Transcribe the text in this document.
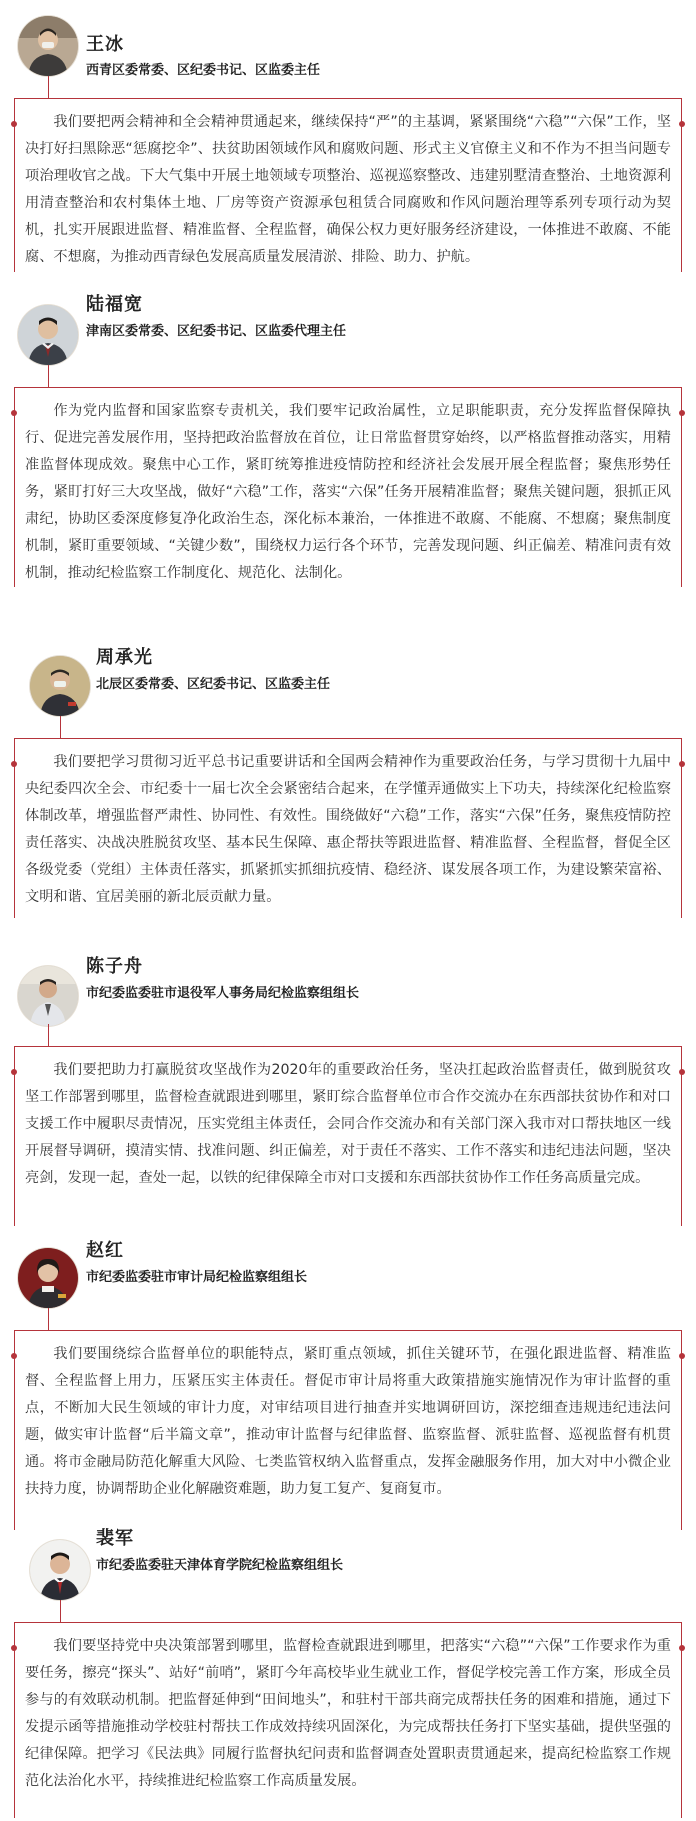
王冰
西青区委常委、区纪委书记、区监委主任

我们要把两会精神和全会精神贯通起来，继续保持“严”的主基调，紧紧围绕“六稳”“六保”工作，坚决打好扫黑除恶“惩腐挖伞”、扶贫助困领域作风和腐败问题、形式主义官僚主义和不作为不担当问题专项治理收官之战。下大气集中开展土地领域专项整治、巡视巡察整改、违建别墅清查整治、土地资源利用清查整治和农村集体土地、厂房等资产资源承包租赁合同腐败和作风问题治理等系列专项行动为契机，扎实开展跟进监督、精准监督、全程监督，确保公权力更好服务经济建设，一体推进不敢腐、不能腐、不想腐，为推动西青绿色发展高质量发展清淤、排险、助力、护航。

陆福宽
津南区委常委、区纪委书记、区监委代理主任

作为党内监督和国家监察专责机关，我们要牢记政治属性，立足职能职责，充分发挥监督保障执行、促进完善发展作用，坚持把政治监督放在首位，让日常监督贯穿始终，以严格监督推动落实，用精准监督体现成效。聚焦中心工作，紧盯统筹推进疫情防控和经济社会发展开展全程监督；聚焦形势任务，紧盯打好三大攻坚战，做好“六稳”工作，落实“六保”任务开展精准监督；聚焦关键问题，狠抓正风肃纪，协助区委深度修复净化政治生态，深化标本兼治，一体推进不敢腐、不能腐、不想腐；聚焦制度机制，紧盯重要领域、“关键少数”，围绕权力运行各个环节，完善发现问题、纠正偏差、精准问责有效机制，推动纪检监察工作制度化、规范化、法制化。

周承光
北辰区委常委、区纪委书记、区监委主任

我们要把学习贯彻习近平总书记重要讲话和全国两会精神作为重要政治任务，与学习贯彻十九届中央纪委四次全会、市纪委十一届七次全会紧密结合起来，在学懂弄通做实上下功夫，持续深化纪检监察体制改革，增强监督严肃性、协同性、有效性。围绕做好“六稳”工作，落实“六保”任务，聚焦疫情防控责任落实、决战决胜脱贫攻坚、基本民生保障、惠企帮扶等跟进监督、精准监督、全程监督，督促全区各级党委（党组）主体责任落实，抓紧抓实抓细抗疫情、稳经济、谋发展各项工作，为建设繁荣富裕、文明和谐、宜居美丽的新北辰贡献力量。

陈子舟
市纪委监委驻市退役军人事务局纪检监察组组长

我们要把助力打赢脱贫攻坚战作为2020年的重要政治任务，坚决扛起政治监督责任，做到脱贫攻坚工作部署到哪里，监督检查就跟进到哪里，紧盯综合监督单位市合作交流办在东西部扶贫协作和对口支援工作中履职尽责情况，压实党组主体责任，会同合作交流办和有关部门深入我市对口帮扶地区一线开展督导调研，摸清实情、找准问题、纠正偏差，对于责任不落实、工作不落实和违纪违法问题，坚决亮剑，发现一起，查处一起，以铁的纪律保障全市对口支援和东西部扶贫协作工作任务高质量完成。

赵红
市纪委监委驻市审计局纪检监察组组长

我们要围绕综合监督单位的职能特点，紧盯重点领域，抓住关键环节，在强化跟进监督、精准监督、全程监督上用力，压紧压实主体责任。督促市审计局将重大政策措施实施情况作为审计监督的重点，不断加大民生领域的审计力度，对审结项目进行抽查并实地调研回访，深挖细查违规违纪违法问题，做实审计监督“后半篇文章”，推动审计监督与纪律监督、监察监督、派驻监督、巡视监督有机贯通。将市金融局防范化解重大风险、七类监管权纳入监督重点，发挥金融服务作用，加大对中小微企业扶持力度，协调帮助企业化解融资难题，助力复工复产、复商复市。

裴军
市纪委监委驻天津体育学院纪检监察组组长

我们要坚持党中央决策部署到哪里，监督检查就跟进到哪里，把落实“六稳”“六保”工作要求作为重要任务，擦亮“探头”、站好“前哨”，紧盯今年高校毕业生就业工作，督促学校完善工作方案，形成全员参与的有效联动机制。把监督延伸到“田间地头”，和驻村干部共商完成帮扶任务的困难和措施，通过下发提示函等措施推动学校驻村帮扶工作成效持续巩固深化，为完成帮扶任务打下坚实基础，提供坚强的纪律保障。把学习《民法典》同履行监督执纪问责和监督调查处置职责贯通起来，提高纪检监察工作规范化法治化水平，持续推进纪检监察工作高质量发展。
